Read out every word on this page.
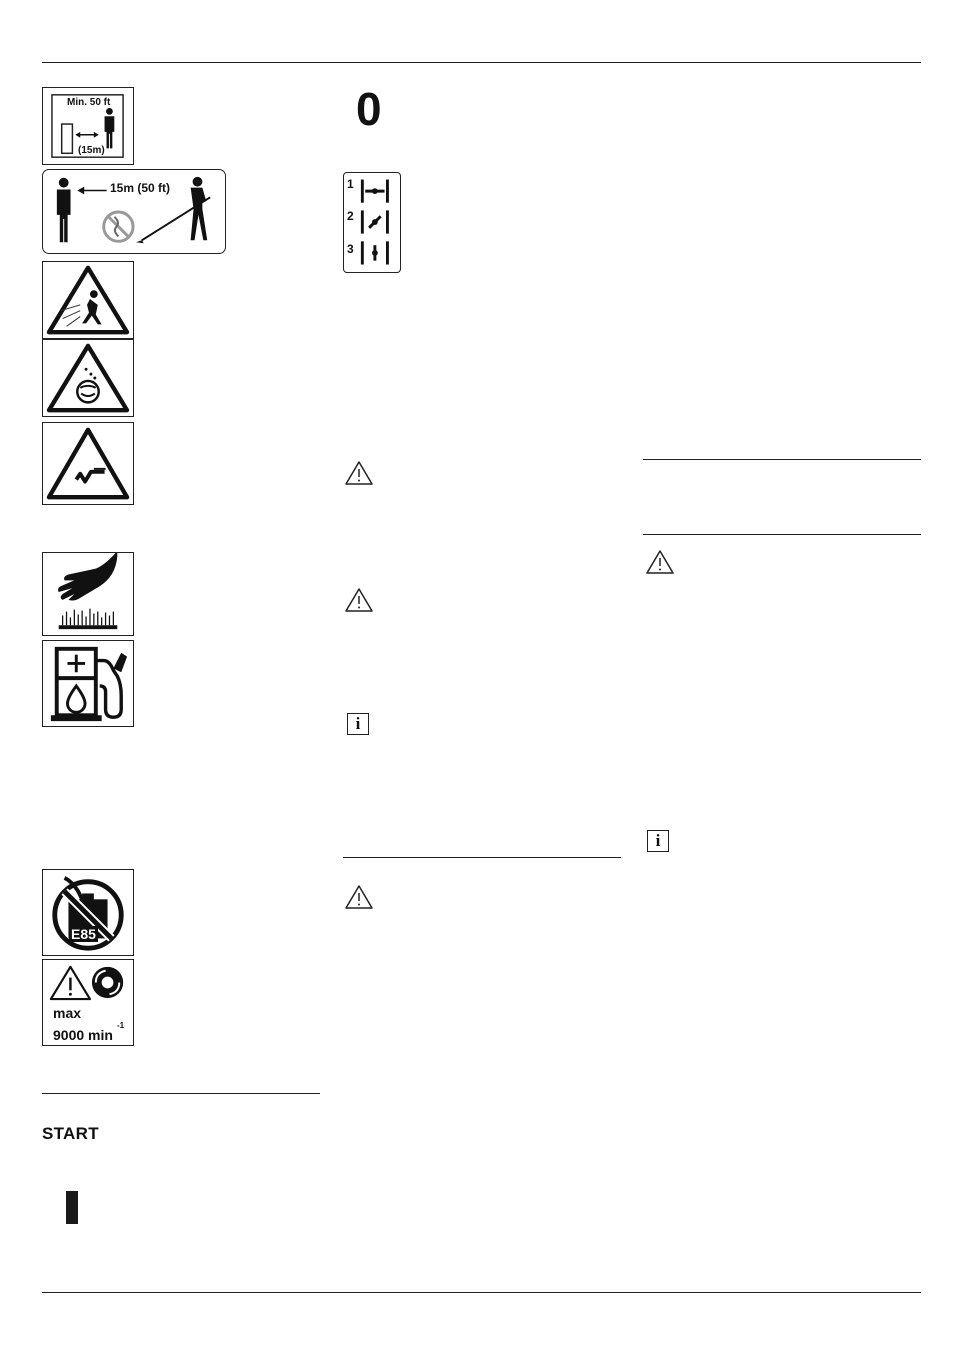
Min. 50 ft
(15m)
15m (50 ft)
E85
max
9000 min
-1
START
0
1
2
3
i
i
